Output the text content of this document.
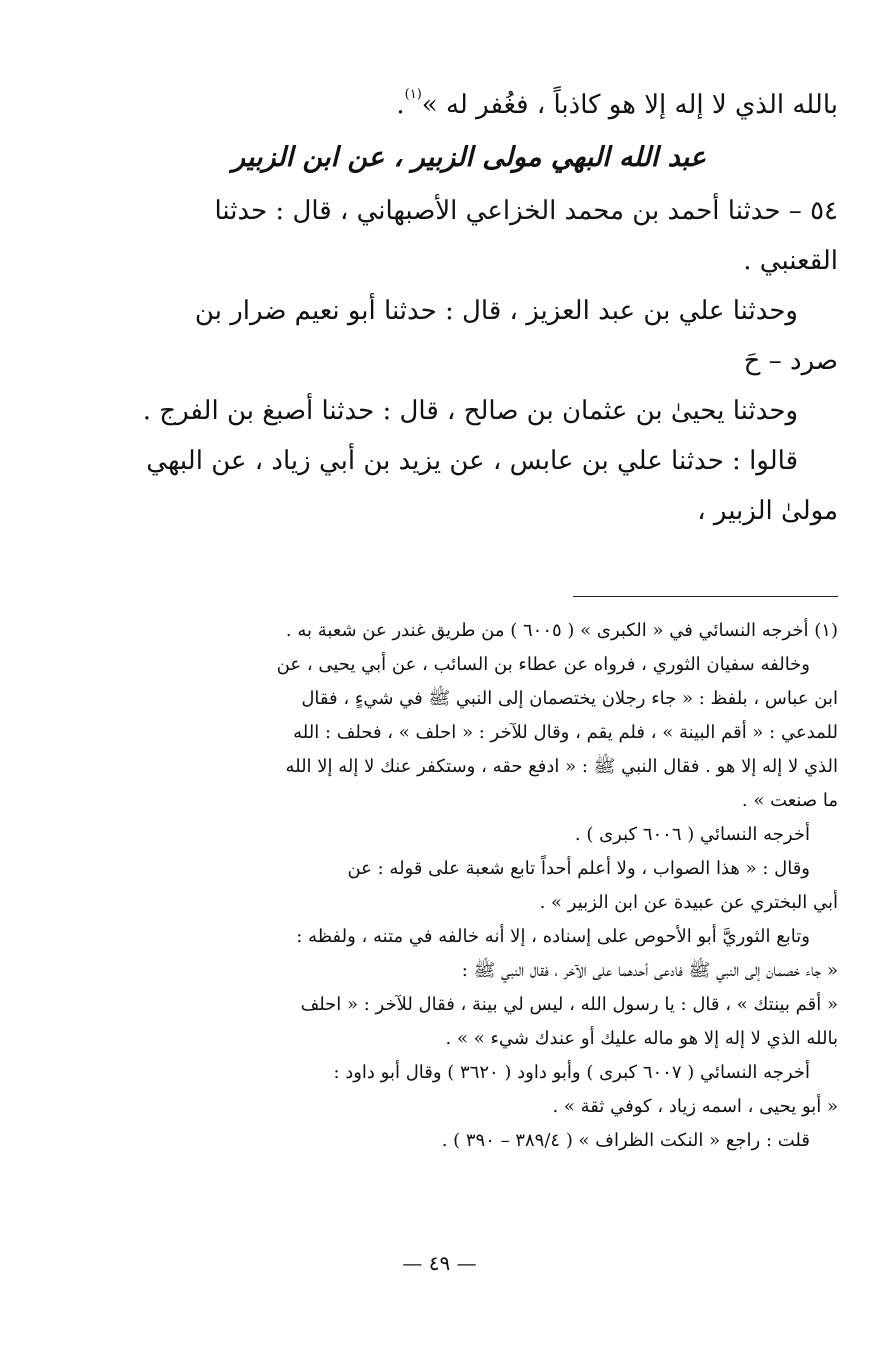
بالله الذي لا إله إلا هو كاذباً ، فغُفر له »$^{(١)}$.
عبد الله البهي مولى الزبير ، عن ابن الزبير
٥٤ – حدثنا أحمد بن محمد الخزاعي الأصبهاني ، قال : حدثنا
القعنبي .
وحدثنا علي بن عبد العزيز ، قال : حدثنا أبو نعيم ضرار بن
صرد – حَ
وحدثنا يحيىٰ بن عثمان بن صالح ، قال : حدثنا أصبغ بن الفرج .
قالوا : حدثنا علي بن عابس ، عن يزيد بن أبي زياد ، عن البهي
مولىٰ الزبير ،
(١) أخرجه النسائي في « الكبرى » ( ٦٠٠٥ ) من طريق غندر عن شعبة به .
وخالفه سفيان الثوري ، فرواه عن عطاء بن السائب ، عن أبي يحيى ، عن
ابن عباس ، بلفظ : « جاء رجلان يختصمان إلى النبي ﷺ في شيءٍ ، فقال
للمدعي : « أقم البينة » ، فلم يقم ، وقال للآخر : « احلف » ، فحلف : الله
الذي لا إله إلا هو . فقال النبي ﷺ : « ادفع حقه ، وستكفر عنك لا إله إلا الله
ما صنعت » .
أخرجه النسائي ( ٦٠٠٦ كبرى ) .
وقال : « هذا الصواب ، ولا أعلم أحداً تابع شعبة على قوله : عن
أبي البختري عن عبيدة عن ابن الزبير » .
وتابع الثوريَّ أبو الأحوص على إسناده ، إلا أنه خالفه في متنه ، ولفظه :
« جاء خصمان إلى النبي ﷺ فادعى أحدهما على الآخر ، فقال النبي ﷺ :
« أقم بينتك » ، قال : يا رسول الله ، ليس لي بينة ، فقال للآخر : « احلف
بالله الذي لا إله إلا هو ماله عليك أو عندك شيء » » .
أخرجه النسائي ( ٦٠٠٧ كبرى ) وأبو داود ( ٣٦٢٠ ) وقال أبو داود :
« أبو يحيى ، اسمه زياد ، كوفي ثقة » .
قلت : راجع « النكت الظراف » ( ٣٨٩/٤ – ٣٩٠ ) .
— ٤٩ —
